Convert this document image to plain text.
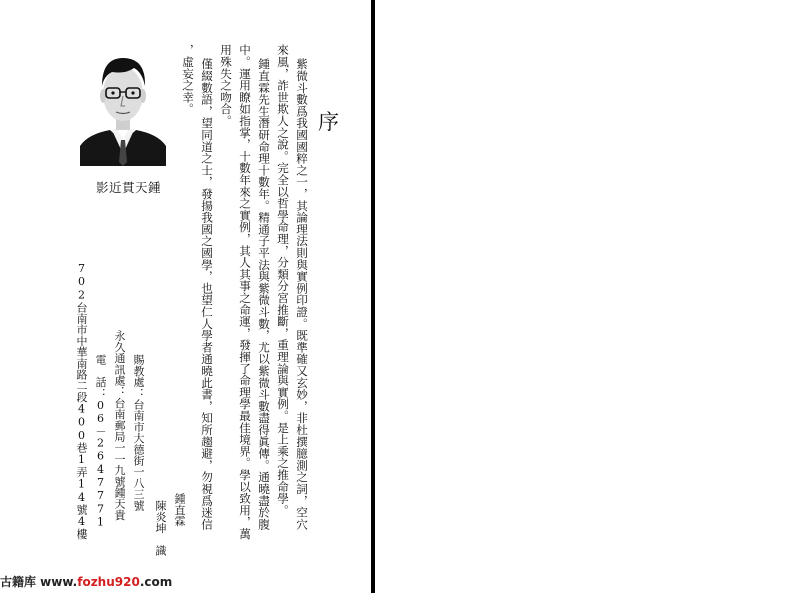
影近貫天鍾
序

紫微斗數爲我國國粹之一，其論理法則與實例印證。既準確又玄妙，非杜撰臆測之詞，空穴

來風，詐世欺人之說。完全以哲學命理，分類分宮推斷，重理論與實例。是上乘之推命學。

鍾直霖先生潛研命理十數年。精通子平法與紫微斗數，尤以紫微斗數盡得眞傳。通曉盡於腹

中。運用瞭如指掌，十數年來之實例，其人其事之命運，發揮了命理學最佳境界。學以致用，萬

用殊失之吻合。

僅綴數語，望同道之士，發揚我國之國學，也望仁人學者通曉此書，知所趨避，勿視爲迷信

，虛妄之幸。

鍾直霖

陳炎坤　識

賜教處：台南市大德街一八三號

永久通訊處：台南郵局一一九號鍾天貴

電　話：06－2647771

702台南市中華南路二段400巷1弄14號4樓

古籍库 www.fozhu920.com
